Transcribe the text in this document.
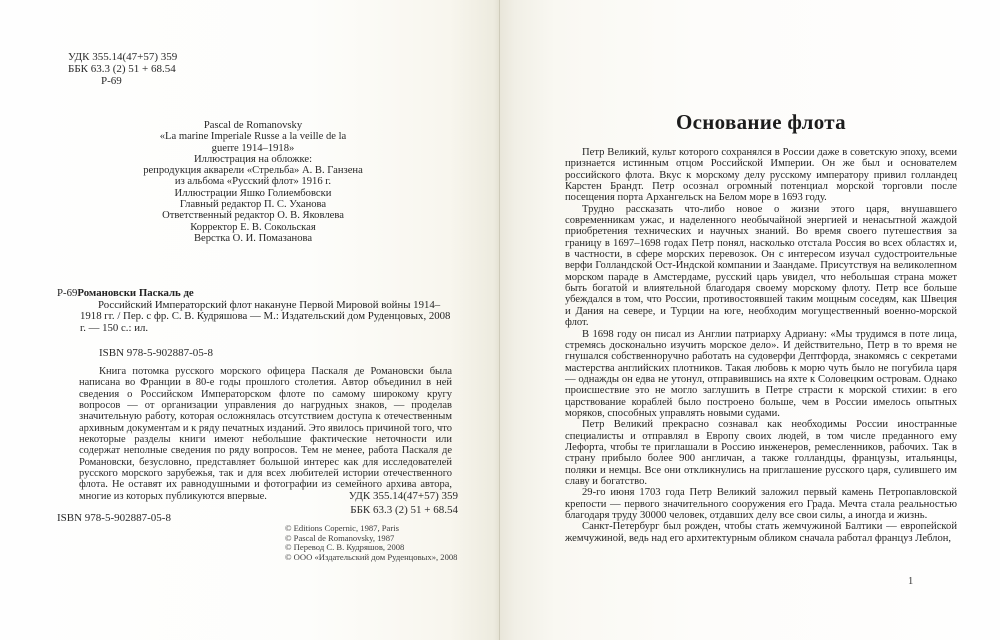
УДК 355.14(47+57) 359
ББК 63.3 (2) 51 + 68.54
Р-69
Pascal de Romanovsky
«La marine Imperiale Russe a la veille de la
guerre 1914–1918»
Иллюстрация на обложке:
репродукция акварели «Стрельба» А. В. Ганзена
из альбома «Русский флот» 1916 г.
Иллюстрации Яшко Голиембовски
Главный редактор П. С. Уханова
Ответственный редактор О. В. Яковлева
Корректор Е. В. Сокольская
Верстка О. И. Помазанова
Р-69Романовски Паскаль де

Российский Императорский флот накануне Первой Мировой войны 1914–1918 гг. / Пер. с фр. С. В. Кудряшова — М.: Издательский дом Руденцовых, 2008 г. — 150 с.: ил.

ISBN 978-5-902887-05-8

Книга потомка русского морского офицера Паскаля де Романовски была написана во Франции в 80-е годы прошлого столетия. Автор объединил в ней сведения о Российском Императорском флоте по самому широкому кругу вопросов — от организации управления до нагрудных знаков, — проделав значительную работу, которая осложнялась отсутствием доступа к отечественным архивным документам и к ряду печатных изданий. Это явилось причиной того, что некоторые разделы книги имеют небольшие фактические неточности или содержат неполные сведения по ряду вопросов. Тем не менее, работа Паскаля де Романовски, безусловно, представляет большой интерес как для исследователей русского морского зарубежья, так и для всех любителей истории отечественного флота. Не оставят их равнодушными и фотографии из семейного архива автора, многие из которых публикуются впервые.	УДК 355.14(47+57) 359
ББК 63.3 (2) 51 + 68.54
ISBN 978-5-902887-05-8
© Editions Copernic, 1987, Paris
© Pascal de Romanovsky, 1987
© Перевод С. В. Кудряшов, 2008
© ООО «Издательский дом Руденцовых», 2008
Основание флота

Петр Великий, культ которого сохранялся в России даже в советскую эпоху, всеми признается истинным отцом Российской Империи. Он же был и основателем российского флота. Вкус к морскому делу русскому императору привил голландец Карстен Брандт. Петр осознал огромный потенциал морской торговли после посещения порта Архангельск на Белом море в 1693 году.

Трудно рассказать что-либо новое о жизни этого царя, внушавшего современникам ужас, и наделенного необычайной энергией и ненасытной жаждой приобретения технических и научных знаний. Во время своего путешествия за границу в 1697–1698 годах Петр понял, насколько отстала Россия во всех областях и, в частности, в сфере морских перевозок. Он с интересом изучал судостроительные верфи Голландской Ост-Индской компании и Заандаме. Присутствуя на великолепном морском параде в Амстердаме, русский царь увидел, что небольшая страна может быть богатой и влиятельной благодаря своему морскому флоту. Петр все больше убеждался в том, что России, противостоявшей таким мощным соседям, как Швеция и Дания на севере, и Турции на юге, необходим могущественный военно-морской флот.

В 1698 году он писал из Англии патриарху Адриану: «Мы трудимся в поте лица, стремясь досконально изучить морское дело». И действительно, Петр в то время не гнушался собственноручно работать на судоверфи Дептфорда, знакомясь с секретами мастерства английских плотников. Такая любовь к морю чуть было не погубила царя — однажды он едва не утонул, отправившись на яхте к Соловецким островам. Однако происшествие это не могло заглушить в Петре страсти к морской стихии: в его царствование кораблей было построено больше, чем в России имелось опытных моряков, способных управлять новыми судами.

Петр Великий прекрасно сознавал как необходимы России иностранные специалисты и отправлял в Европу своих людей, в том числе преданного ему Лефорта, чтобы те приглашали в Россию инженеров, ремесленников, рабочих. Так в страну прибыло более 900 англичан, а также голландцы, французы, итальянцы, поляки и немцы. Все они откликнулись на приглашение русского царя, сулившего им славу и богатство.

29-го июня 1703 года Петр Великий заложил первый камень Петропавловской крепости — первого значительного сооружения его Града. Мечта стала реальностью благодаря труду 30000 человек, отдавших делу все свои силы, а иногда и жизнь.

Санкт-Петербург был рожден, чтобы стать жемчужиной Балтики — европейской жемчужиной, ведь над его архитектурным обликом сначала работал француз Леблон,

1
